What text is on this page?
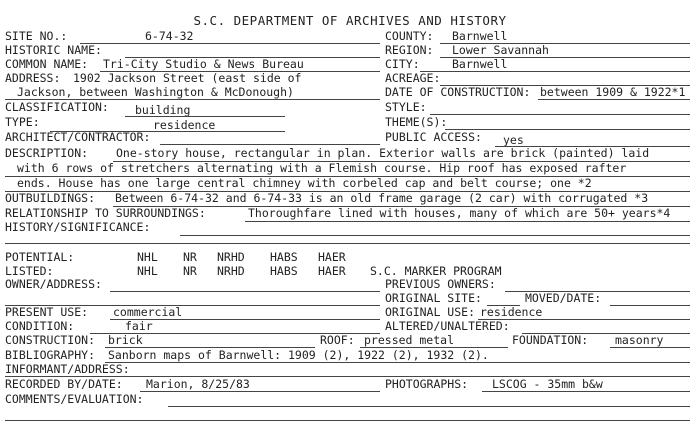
S.C. DEPARTMENT OF ARCHIVES AND HISTORY
SITE NO.:	6-74-32	COUNTY: Barnwell
HISTORIC NAME:	REGION: Lower Savannah
COMMON NAME: Tri-City Studio & News Bureau	CITY:	Barnwell
ADDRESS: 1902 Jackson Street (east side of	ACREAGE:
Jackson, between Washington & McDonough)	DATE OF CONSTRUCTION: between 1909 & 1922*1
CLASSIFICATION: building	STYLE:
TYPE:	residence	THEME(S):
ARCHITECT/CONTRACTOR:	PUBLIC ACCESS: yes
DESCRIPTION: One-story house, rectangular in plan. Exterior walls are brick (painted) laid
with 6 rows of stretchers alternating with a Flemish course. Hip roof has exposed rafter
ends. House has one large central chimney with corbeled cap and belt course; one *2
OUTBUILDINGS: Between 6-74-32 and 6-74-33 is an old frame garage (2 car) with corrugated *3
RELATIONSHIP TO SURROUNDINGS:	Thoroughfare lined with houses, many of which are 50+ years*4
HISTORY/SIGNIFICANCE:
POTENTIAL:	NHL NR NRHD HABS HAER
LISTED:	NHL NR NRHD HABS HAER S.C. MARKER PROGRAM
OWNER/ADDRESS:	PREVIOUS OWNERS:
ORIGINAL SITE:	MOVED/DATE:
PRESENT USE: commercial	ORIGINAL USE: residence
CONDITION:	fair	ALTERED/UNALTERED:
CONSTRUCTION: brick	ROOF: pressed metal	FOUNDATION: masonry
BIBLIOGRAPHY: Sanborn maps of Barnwell: 1909 (2), 1922 (2), 1932 (2).
INFORMANT/ADDRESS:
RECORDED BY/DATE: Marion, 8/25/83	PHOTOGRAPHS: LSCOG - 35mm b&w
COMMENTS/EVALUATION:
